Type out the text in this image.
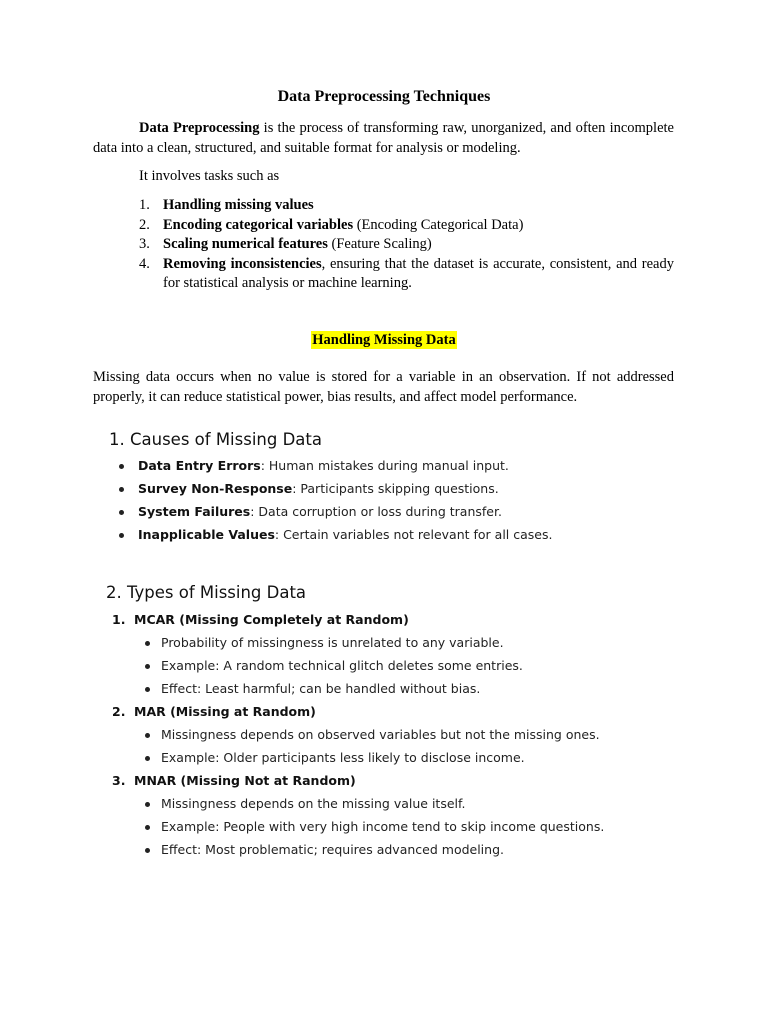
Data Preprocessing Techniques
Data Preprocessing is the process of transforming raw, unorganized, and often incomplete data into a clean, structured, and suitable format for analysis or modeling.
It involves tasks such as
1. Handling missing values
2. Encoding categorical variables (Encoding Categorical Data)
3. Scaling numerical features (Feature Scaling)
4. Removing inconsistencies, ensuring that the dataset is accurate, consistent, and ready for statistical analysis or machine learning.
Handling Missing Data
Missing data occurs when no value is stored for a variable in an observation. If not addressed properly, it can reduce statistical power, bias results, and affect model performance.
1. Causes of Missing Data
Data Entry Errors: Human mistakes during manual input.
Survey Non-Response: Participants skipping questions.
System Failures: Data corruption or loss during transfer.
Inapplicable Values: Certain variables not relevant for all cases.
2. Types of Missing Data
1. MCAR (Missing Completely at Random)
Probability of missingness is unrelated to any variable.
Example: A random technical glitch deletes some entries.
Effect: Least harmful; can be handled without bias.
2. MAR (Missing at Random)
Missingness depends on observed variables but not the missing ones.
Example: Older participants less likely to disclose income.
3. MNAR (Missing Not at Random)
Missingness depends on the missing value itself.
Example: People with very high income tend to skip income questions.
Effect: Most problematic; requires advanced modeling.
